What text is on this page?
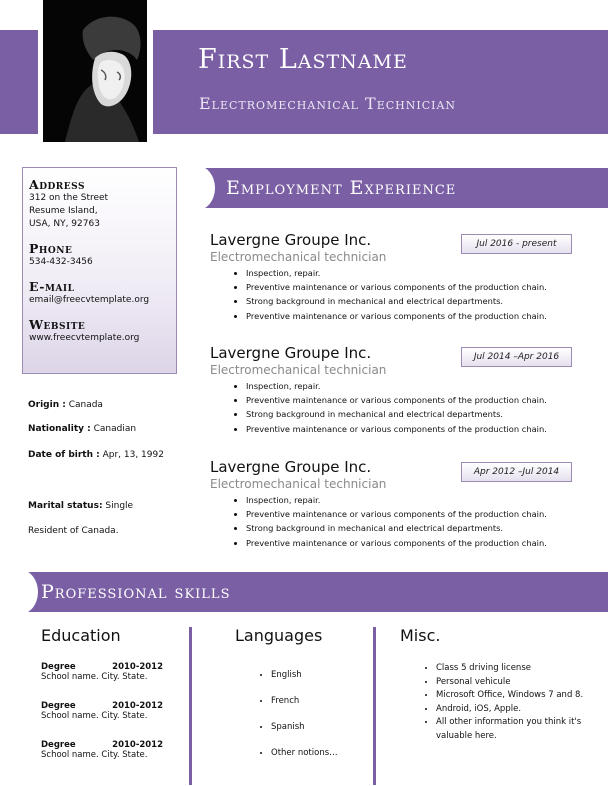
First Lastname
Electromechanical Technician
Address
312 on the Street
Resume Island,
USA, NY, 92763
Phone
534-432-3456
E-mail
email@freecvtemplate.org
Website
www.freecvtemplate.org
Origin : Canada
Nationality : Canadian
Date of birth : Apr, 13, 1992
Marital status: Single
Resident of Canada.
Employment Experience
Lavergne Groupe Inc.
Electromechanical technician
Jul 2016 - present
• Inspection, repair.
• Preventive maintenance or various components of the production chain.
• Strong background in mechanical and electrical departments.
• Preventive maintenance or various components of the production chain.
Lavergne Groupe Inc.
Electromechanical technician
Jul 2014 –Apr 2016
• Inspection, repair.
• Preventive maintenance or various components of the production chain.
• Strong background in mechanical and electrical departments.
• Preventive maintenance or various components of the production chain.
Lavergne Groupe Inc.
Electromechanical technician
Apr 2012 –Jul 2014
• Inspection, repair.
• Preventive maintenance or various components of the production chain.
• Strong background in mechanical and electrical departments.
• Preventive maintenance or various components of the production chain.
Professional skills
Education	Languages	Misc.
Degree	2010-2012
School name. City. State.
Degree	2010-2012
School name. City. State.
Degree	2010-2012
School name. City. State.
• English
• French
• Spanish
• Other notions…
• Class 5 driving license
• Personal vehicule
• Microsoft Office, Windows 7 and 8.
• Android, iOS, Apple.
• All other information you think it's valuable here.
